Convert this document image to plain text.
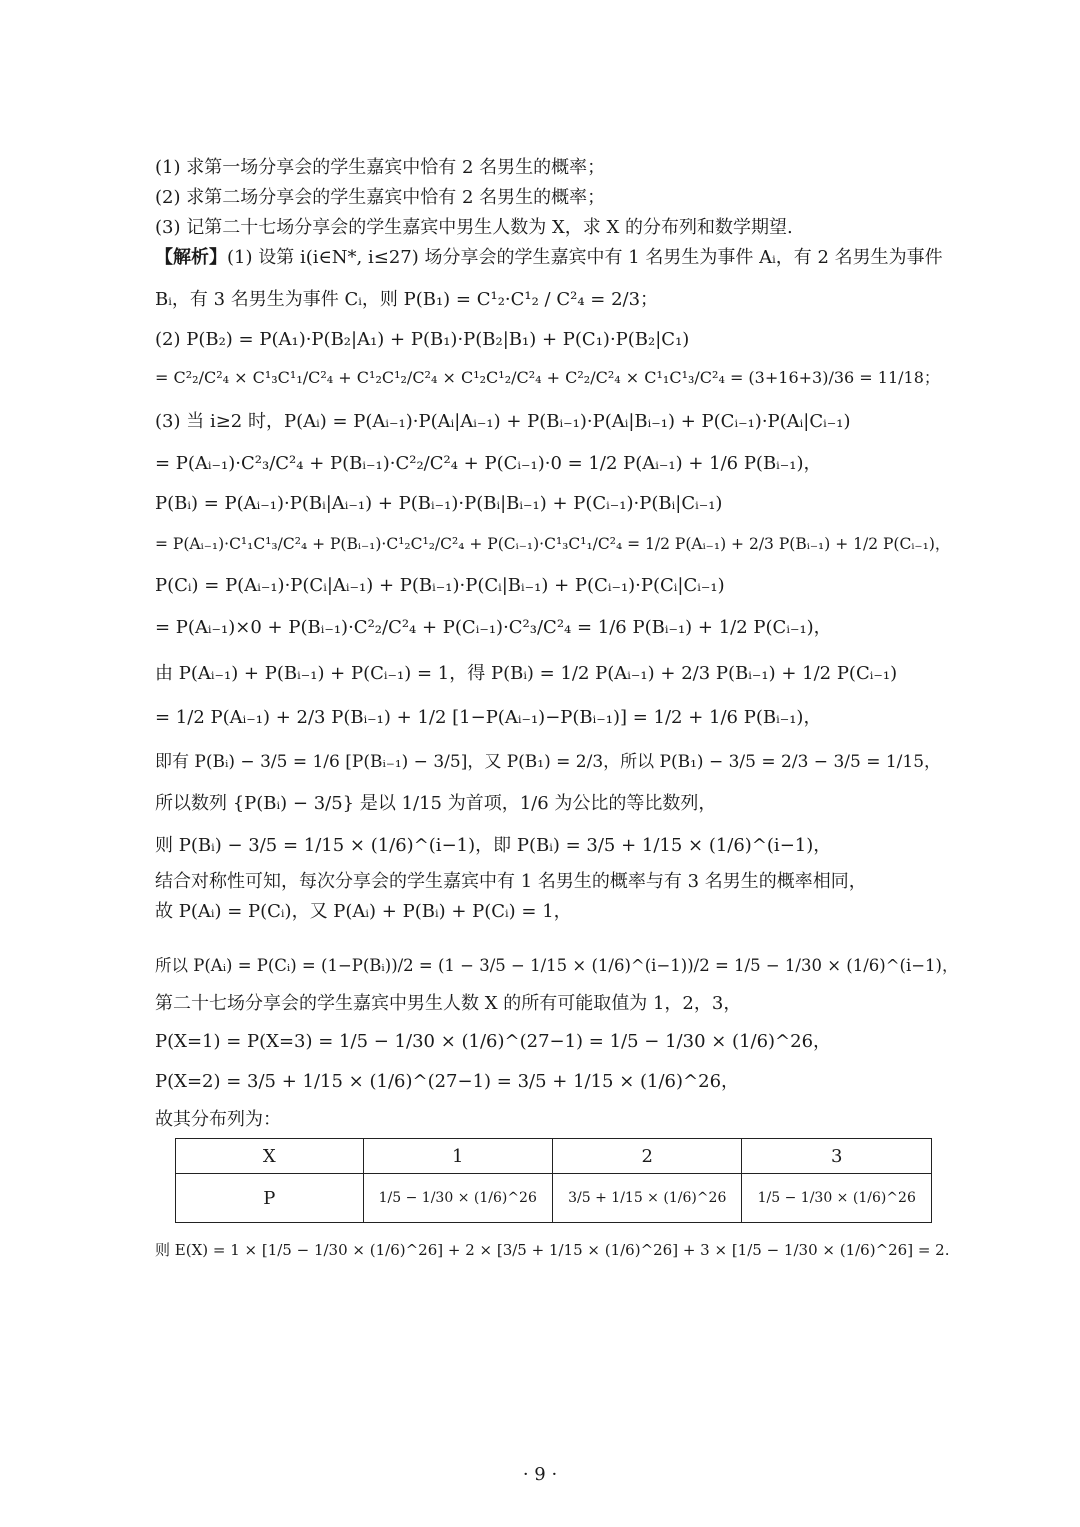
(1) 求第一场分享会的学生嘉宾中恰有 2 名男生的概率；
(2) 求第二场分享会的学生嘉宾中恰有 2 名男生的概率；
(3) 记第二十七场分享会的学生嘉宾中男生人数为 X，求 X 的分布列和数学期望.
【解析】(1) 设第 i(i∈N*, i≤27) 场分享会的学生嘉宾中有 1 名男生为事件 Aᵢ，有 2 名男生为事件
Bᵢ，有 3 名男生为事件 Cᵢ，则 P(B₁) = C¹₂·C¹₂ / C²₄ = 2/3；
(2) P(B₂) = P(A₁)·P(B₂|A₁) + P(B₁)·P(B₂|B₁) + P(C₁)·P(B₂|C₁)
= C²₂/C²₄ × C¹₃C¹₁/C²₄ + C¹₂C¹₂/C²₄ × C¹₂C¹₂/C²₄ + C²₂/C²₄ × C¹₁C¹₃/C²₄ = (3+16+3)/36 = 11/18；
(3) 当 i≥2 时，P(Aᵢ) = P(Aᵢ₋₁)·P(Aᵢ|Aᵢ₋₁) + P(Bᵢ₋₁)·P(Aᵢ|Bᵢ₋₁) + P(Cᵢ₋₁)·P(Aᵢ|Cᵢ₋₁)
= P(Aᵢ₋₁)·C²₃/C²₄ + P(Bᵢ₋₁)·C²₂/C²₄ + P(Cᵢ₋₁)·0 = 1/2 P(Aᵢ₋₁) + 1/6 P(Bᵢ₋₁)，
P(Bᵢ) = P(Aᵢ₋₁)·P(Bᵢ|Aᵢ₋₁) + P(Bᵢ₋₁)·P(Bᵢ|Bᵢ₋₁) + P(Cᵢ₋₁)·P(Bᵢ|Cᵢ₋₁)
= P(Aᵢ₋₁)·C¹₁C¹₃/C²₄ + P(Bᵢ₋₁)·C¹₂C¹₂/C²₄ + P(Cᵢ₋₁)·C¹₃C¹₁/C²₄ = 1/2 P(Aᵢ₋₁) + 2/3 P(Bᵢ₋₁) + 1/2 P(Cᵢ₋₁)，
P(Cᵢ) = P(Aᵢ₋₁)·P(Cᵢ|Aᵢ₋₁) + P(Bᵢ₋₁)·P(Cᵢ|Bᵢ₋₁) + P(Cᵢ₋₁)·P(Cᵢ|Cᵢ₋₁)
= P(Aᵢ₋₁)×0 + P(Bᵢ₋₁)·C²₂/C²₄ + P(Cᵢ₋₁)·C²₃/C²₄ = 1/6 P(Bᵢ₋₁) + 1/2 P(Cᵢ₋₁)，
由 P(Aᵢ₋₁) + P(Bᵢ₋₁) + P(Cᵢ₋₁) = 1，得 P(Bᵢ) = 1/2 P(Aᵢ₋₁) + 2/3 P(Bᵢ₋₁) + 1/2 P(Cᵢ₋₁)
= 1/2 P(Aᵢ₋₁) + 2/3 P(Bᵢ₋₁) + 1/2 [1−P(Aᵢ₋₁)−P(Bᵢ₋₁)] = 1/2 + 1/6 P(Bᵢ₋₁)，
即有 P(Bᵢ) − 3/5 = 1/6 [P(Bᵢ₋₁) − 3/5]，又 P(B₁) = 2/3，所以 P(B₁) − 3/5 = 2/3 − 3/5 = 1/15，
所以数列 {P(Bᵢ) − 3/5} 是以 1/15 为首项，1/6 为公比的等比数列，
则 P(Bᵢ) − 3/5 = 1/15 × (1/6)^(i−1)，即 P(Bᵢ) = 3/5 + 1/15 × (1/6)^(i−1)，
结合对称性可知，每次分享会的学生嘉宾中有 1 名男生的概率与有 3 名男生的概率相同，
故 P(Aᵢ) = P(Cᵢ)，又 P(Aᵢ) + P(Bᵢ) + P(Cᵢ) = 1，
所以 P(Aᵢ) = P(Cᵢ) = (1−P(Bᵢ))/2 = (1 − 3/5 − 1/15 × (1/6)^(i−1))/2 = 1/5 − 1/30 × (1/6)^(i−1)，
第二十七场分享会的学生嘉宾中男生人数 X 的所有可能取值为 1，2，3，
P(X=1) = P(X=3) = 1/5 − 1/30 × (1/6)^(27−1) = 1/5 − 1/30 × (1/6)^26，
P(X=2) = 3/5 + 1/15 × (1/6)^(27−1) = 3/5 + 1/15 × (1/6)^26，
故其分布列为：
X	1	2	3
P	1/5 − 1/30 × (1/6)^26	3/5 + 1/15 × (1/6)^26	1/5 − 1/30 × (1/6)^26
则 E(X) = 1 × [1/5 − 1/30 × (1/6)^26] + 2 × [3/5 + 1/15 × (1/6)^26] + 3 × [1/5 − 1/30 × (1/6)^26] = 2.
· 9 ·
